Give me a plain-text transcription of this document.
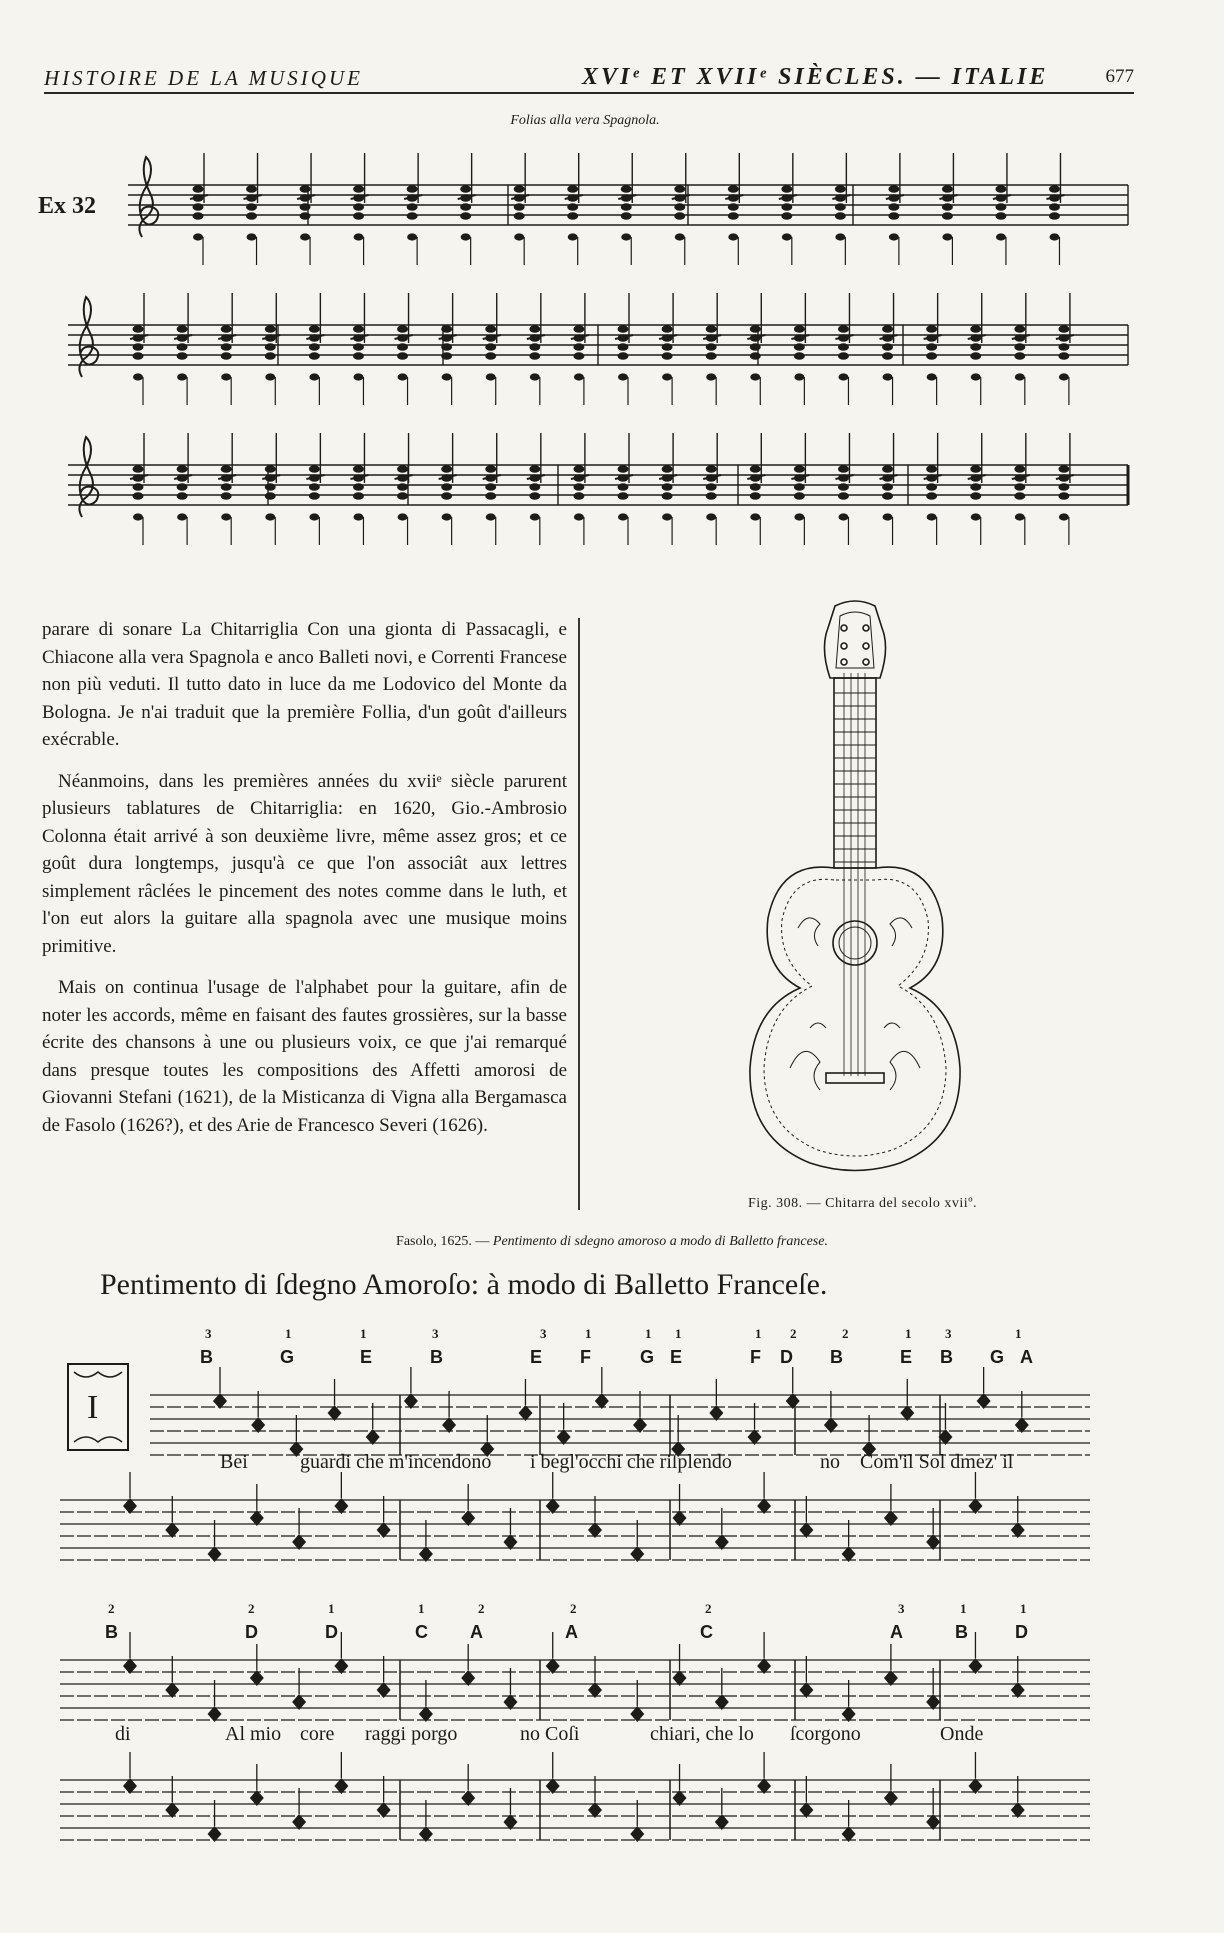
HISTOIRE DE LA MUSIQUE	XVIᵉ ET XVIIᵉ SIÈCLES. — ITALIE	677
Folias alla vera Spagnola.
Ex 32

parare di sonare La Chitarriglia Con una gionta di Passacagli, e Chiacone alla vera Spagnola e anco Balleti novi, e Correnti Francese non più veduti. Il tutto dato in luce da me Lodovico del Monte da Bologna. Je n'ai traduit que la première Follia, d'un goût d'ailleurs exécrable.

Néanmoins, dans les premières années du xviiᵉ siècle parurent plusieurs tablatures de Chitarriglia: en 1620, Gio.-Ambrosio Colonna était arrivé à son deuxième livre, même assez gros; et ce goût dura longtemps, jusqu'à ce que l'on associât aux lettres simplement râclées le pincement des notes comme dans le luth, et l'on eut alors la guitare alla spagnola avec une musique moins primitive.

Mais on continua l'usage de l'alphabet pour la guitare, afin de noter les accords, même en faisant des fautes grossières, sur la basse écrite des chansons à une ou plusieurs voix, ce que j'ai remarqué dans presque toutes les compositions des Affetti amorosi de Giovanni Stefani (1621), de la Misticanza di Vigna alla Bergamasca de Fasolo (1626?), et des Arie de Francesco Severi (1626).

Fig. 308. — Chitarra del secolo xviiº.
Fasolo, 1625. — Pentimento di sdegno amoroso a modo di Balletto francese.
Pentimento di ſdegno Amoroſo: à modo di Balletto Franceſe.
I
3	1	1	3	3	1	1 1	1 2	2	1	3	1
B	G	E	B	E F	G E	F D B	E B G A
2	2	1	1	2	2	2	3	1	1
B	D	D	C A	A	C	A	B	D
Bei	guardi che m'incendono i begl'occhi che riſplendo	no Com'il Sol dmez' il
di	Al mio core raggi porgo	no Coſi	chiari, che lo ſcorgono	Onde
